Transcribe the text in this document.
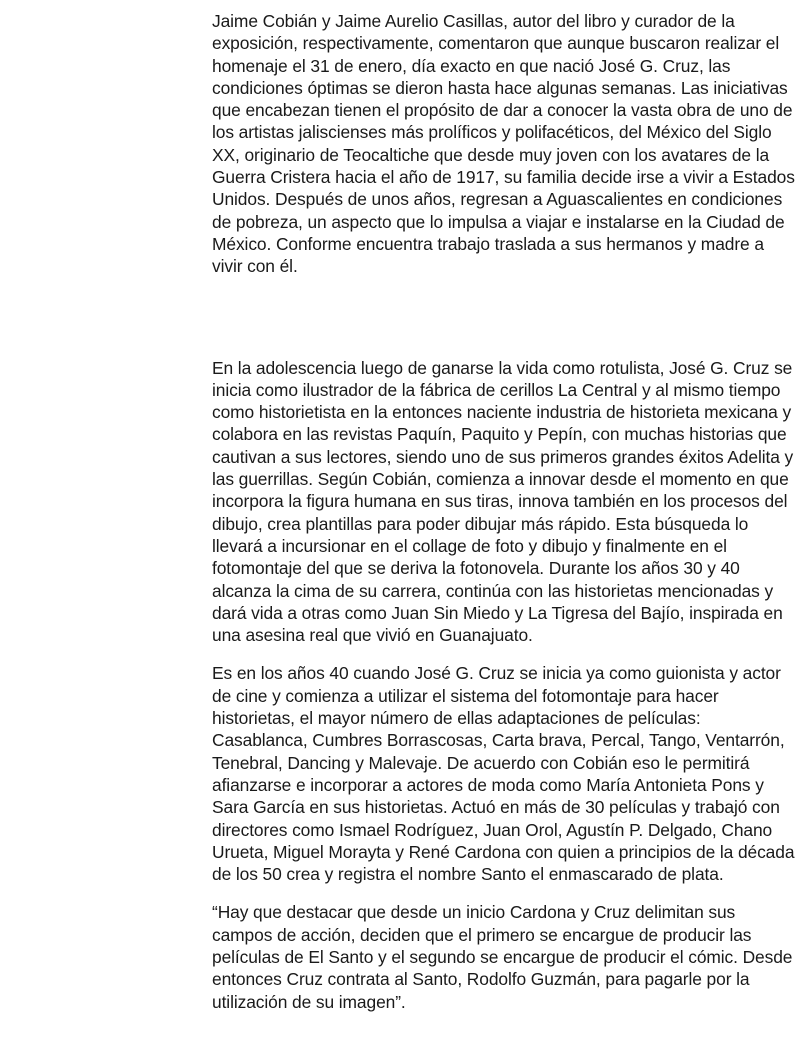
Jaime Cobián y Jaime Aurelio Casillas, autor del libro y curador de la exposición, respectivamente, comentaron que aunque buscaron realizar el homenaje el 31 de enero, día exacto en que nació José G. Cruz, las condiciones óptimas se dieron hasta hace algunas semanas. Las iniciativas que encabezan tienen el propósito de dar a conocer la vasta obra de uno de los artistas jaliscienses más prolíficos y polifacéticos, del México del Siglo XX, originario de Teocaltiche que desde muy joven con los avatares de la Guerra Cristera hacia el año de 1917, su familia decide irse a vivir a Estados Unidos. Después de unos años, regresan a Aguascalientes en condiciones de pobreza, un aspecto que lo impulsa a viajar e instalarse en la Ciudad de México. Conforme encuentra trabajo traslada a sus hermanos y madre a vivir con él.

En la adolescencia luego de ganarse la vida como rotulista, José G. Cruz se inicia como ilustrador de la fábrica de cerillos La Central y al mismo tiempo como historietista en la entonces naciente industria de historieta mexicana y colabora en las revistas Paquín, Paquito y Pepín, con muchas historias que cautivan a sus lectores, siendo uno de sus primeros grandes éxitos Adelita y las guerrillas. Según Cobián, comienza a innovar desde el momento en que incorpora la figura humana en sus tiras, innova también en los procesos del dibujo, crea plantillas para poder dibujar más rápido. Esta búsqueda lo llevará a incursionar en el collage de foto y dibujo y finalmente en el fotomontaje del que se deriva la fotonovela. Durante los años 30 y 40 alcanza la cima de su carrera, continúa con las historietas mencionadas y dará vida a otras como Juan Sin Miedo y La Tigresa del Bajío, inspirada en una asesina real que vivió en Guanajuato.

Es en los años 40 cuando José G. Cruz se inicia ya como guionista y actor de cine y comienza a utilizar el sistema del fotomontaje para hacer historietas, el mayor número de ellas adaptaciones de películas: Casablanca, Cumbres Borrascosas, Carta brava, Percal, Tango, Ventarrón, Tenebral, Dancing y Malevaje. De acuerdo con Cobián eso le permitirá afianzarse e incorporar a actores de moda como María Antonieta Pons y Sara García en sus historietas. Actuó en más de 30 películas y trabajó con directores como Ismael Rodríguez, Juan Orol, Agustín P. Delgado, Chano Urueta, Miguel Morayta y René Cardona con quien a principios de la década de los 50 crea y registra el nombre Santo el enmascarado de plata.

“Hay que destacar que desde un inicio Cardona y Cruz delimitan sus campos de acción, deciden que el primero se encargue de producir las películas de El Santo y el segundo se encargue de producir el cómic. Desde entonces Cruz contrata al Santo, Rodolfo Guzmán, para pagarle por la utilización de su imagen”.
